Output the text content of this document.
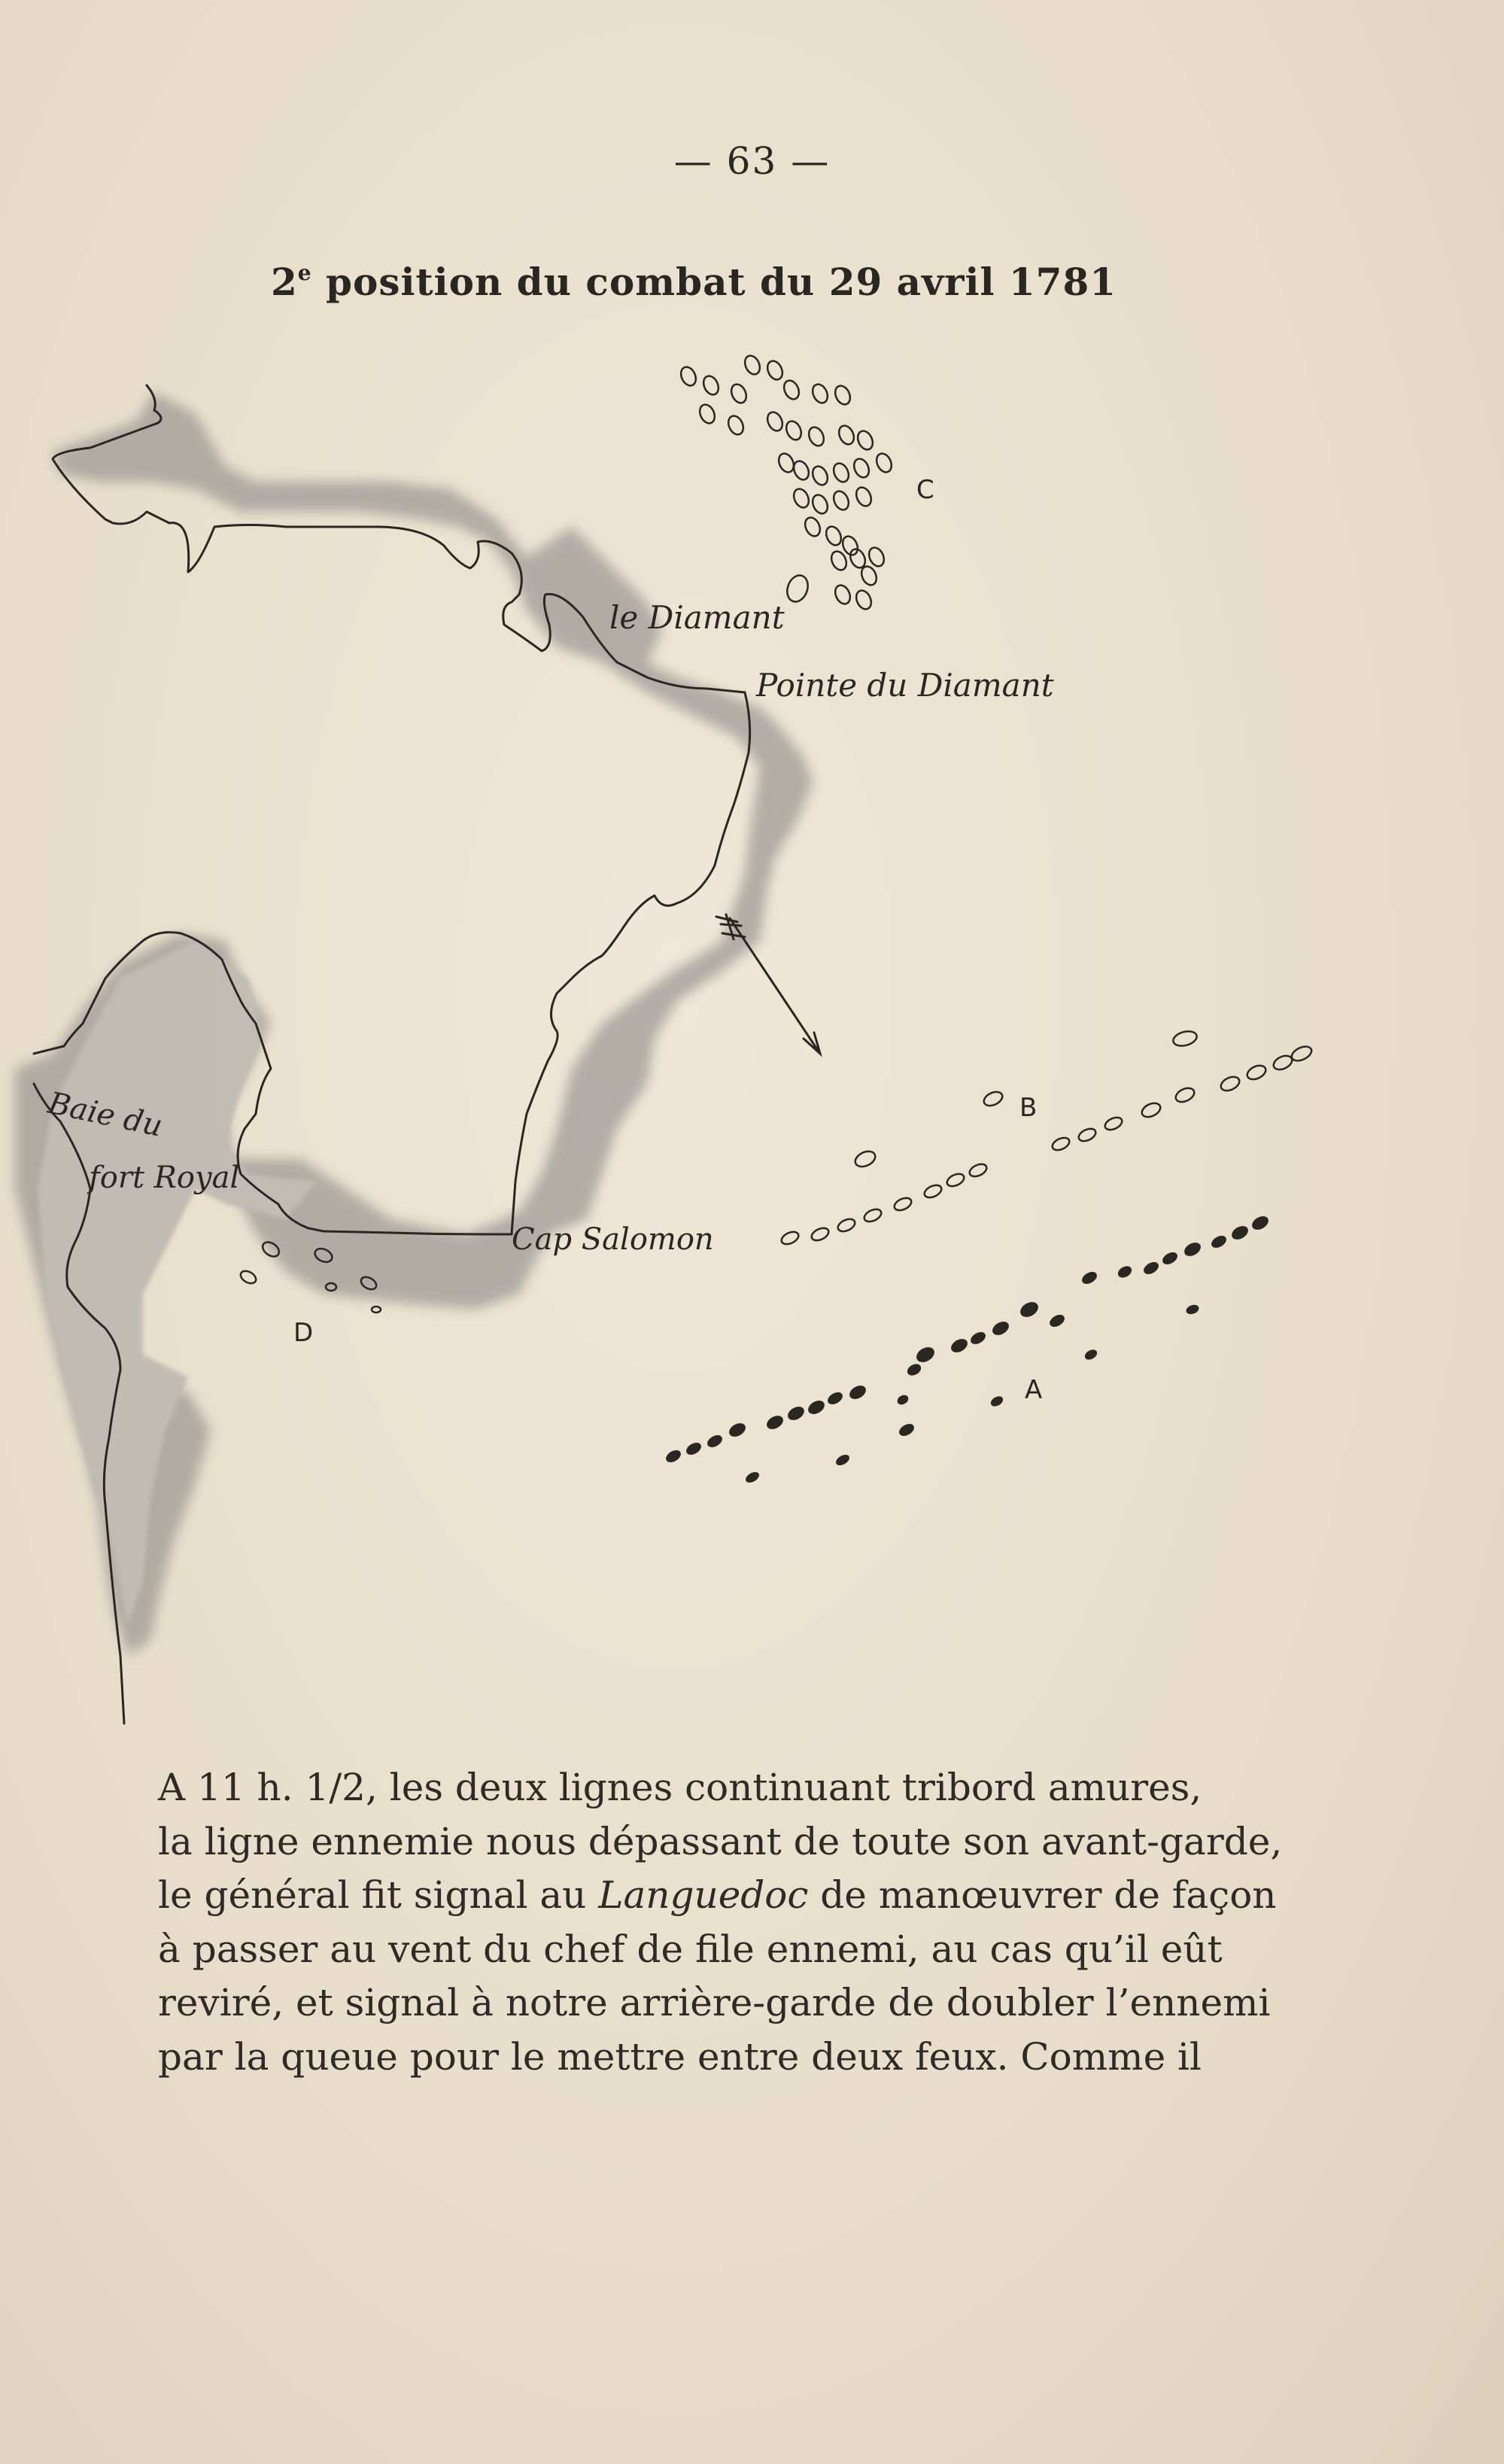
— 63 —
2e position du combat du 29 avril 1781
le Diamant
Pointe du Diamant
Baie du
fort Royal
Cap Salomon
C
B
A
D
A 11 h. 1/2, les deux lignes continuant tribord amures,
la ligne ennemie nous dépassant de toute son avant-garde,
le général fit signal au Languedoc de manœuvrer de façon
à passer au vent du chef de file ennemi, au cas qu’il eût
reviré, et signal à notre arrière-garde de doubler l’ennemi
par la queue pour le mettre entre deux feux. Comme il
